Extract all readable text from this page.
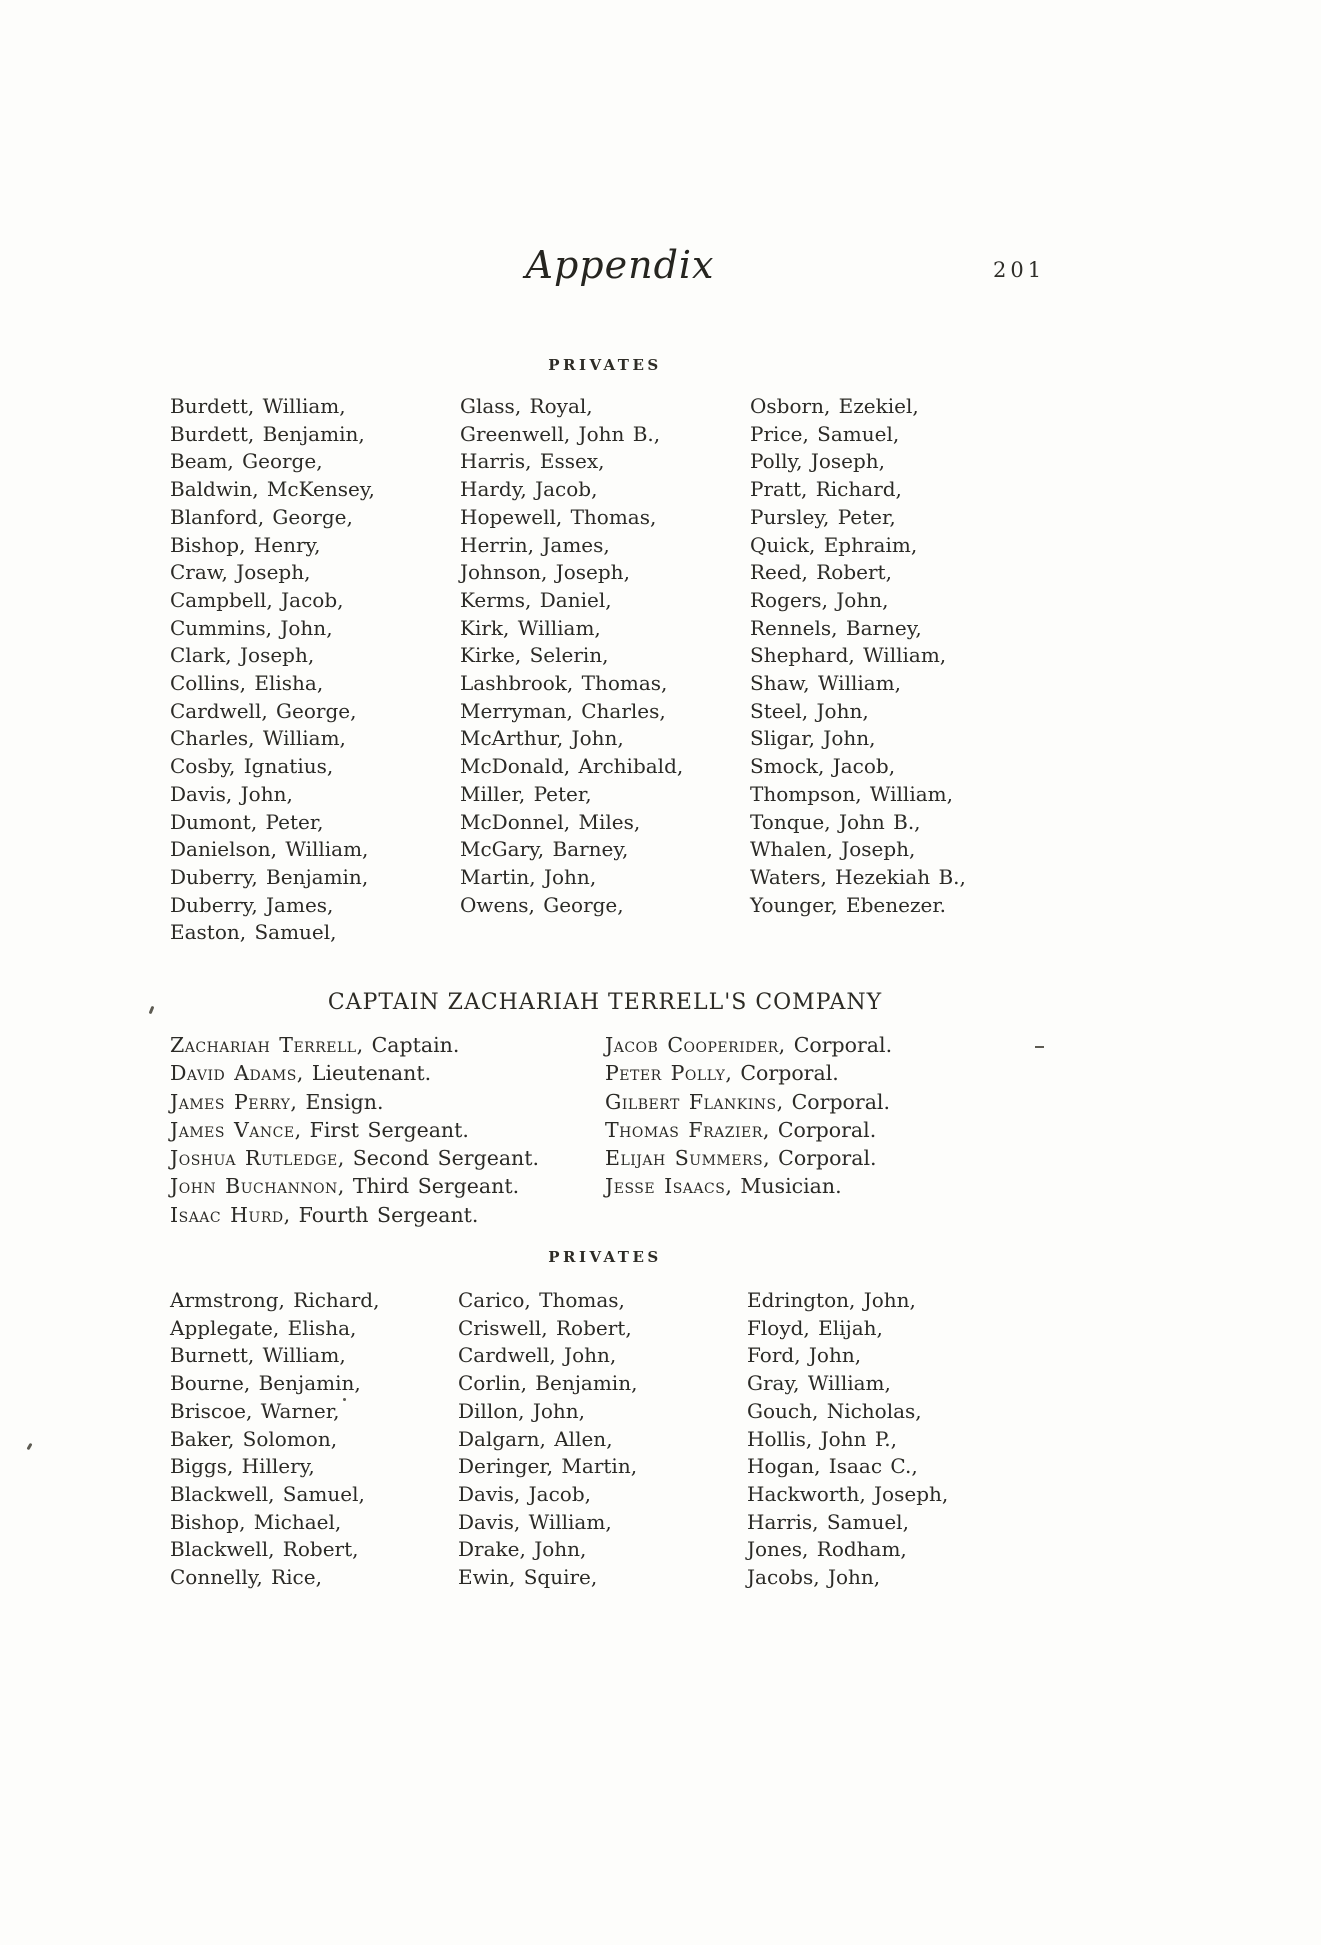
Appendix	201
PRIVATES
Burdett, William,
Burdett, Benjamin,
Beam, George,
Baldwin, McKensey,
Blanford, George,
Bishop, Henry,
Craw, Joseph,
Campbell, Jacob,
Cummins, John,
Clark, Joseph,
Collins, Elisha,
Cardwell, George,
Charles, William,
Cosby, Ignatius,
Davis, John,
Dumont, Peter,
Danielson, William,
Duberry, Benjamin,
Duberry, James,
Easton, Samuel,
Glass, Royal,
Greenwell, John B.,
Harris, Essex,
Hardy, Jacob,
Hopewell, Thomas,
Herrin, James,
Johnson, Joseph,
Kerms, Daniel,
Kirk, William,
Kirke, Selerin,
Lashbrook, Thomas,
Merryman, Charles,
McArthur, John,
McDonald, Archibald,
Miller, Peter,
McDonnel, Miles,
McGary, Barney,
Martin, John,
Owens, George,
Osborn, Ezekiel,
Price, Samuel,
Polly, Joseph,
Pratt, Richard,
Pursley, Peter,
Quick, Ephraim,
Reed, Robert,
Rogers, John,
Rennels, Barney,
Shephard, William,
Shaw, William,
Steel, John,
Sligar, John,
Smock, Jacob,
Thompson, William,
Tonque, John B.,
Whalen, Joseph,
Waters, Hezekiah B.,
Younger, Ebenezer.
CAPTAIN ZACHARIAH TERRELL'S COMPANY
Zachariah Terrell, Captain.
David Adams, Lieutenant.
James Perry, Ensign.
James Vance, First Sergeant.
Joshua Rutledge, Second Sergeant.
John Buchannon, Third Sergeant.
Isaac Hurd, Fourth Sergeant.
Jacob Cooperider, Corporal.
Peter Polly, Corporal.
Gilbert Flankins, Corporal.
Thomas Frazier, Corporal.
Elijah Summers, Corporal.
Jesse Isaacs, Musician.
PRIVATES
Armstrong, Richard,
Applegate, Elisha,
Burnett, William,
Bourne, Benjamin,
Briscoe, Warner,
Baker, Solomon,
Biggs, Hillery,
Blackwell, Samuel,
Bishop, Michael,
Blackwell, Robert,
Connelly, Rice,
Carico, Thomas,
Criswell, Robert,
Cardwell, John,
Corlin, Benjamin,
Dillon, John,
Dalgarn, Allen,
Deringer, Martin,
Davis, Jacob,
Davis, William,
Drake, John,
Ewin, Squire,
Edrington, John,
Floyd, Elijah,
Ford, John,
Gray, William,
Gouch, Nicholas,
Hollis, John P.,
Hogan, Isaac C.,
Hackworth, Joseph,
Harris, Samuel,
Jones, Rodham,
Jacobs, John,
